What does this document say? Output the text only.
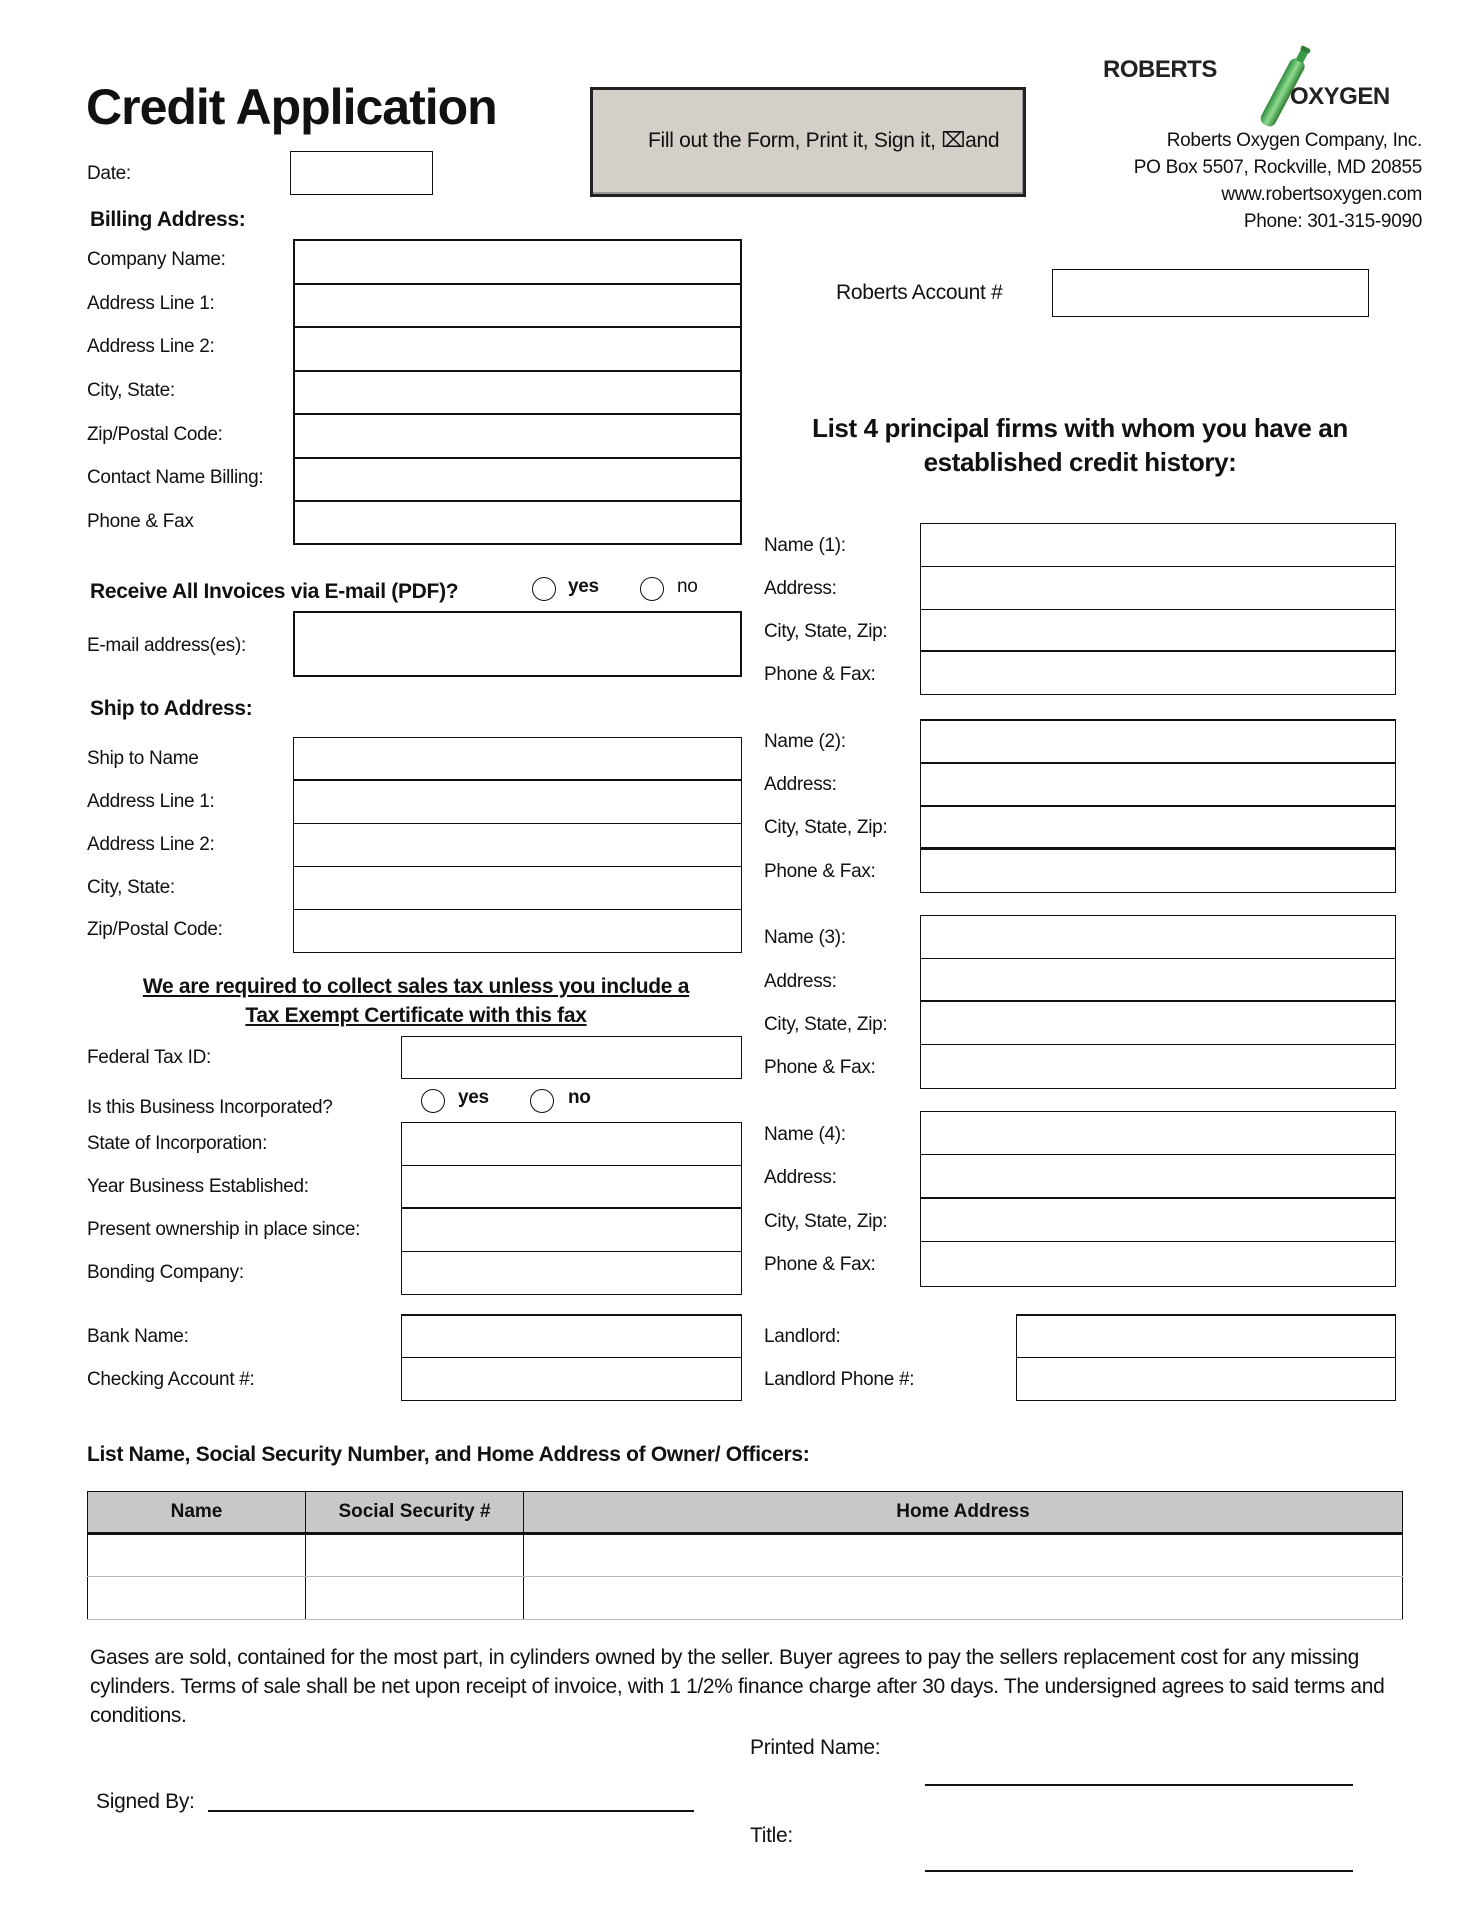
Credit Application
Fill out the Form, Print it, Sign it, ⌧and
Date:
ROBERTS
OXYGEN
Roberts Oxygen Company, Inc.
PO Box 5507, Rockville, MD 20855
www.robertsoxygen.com
Phone: 301-315-9090
Billing Address:
Company Name:
Address Line 1:
Address Line 2:
City, State:
Zip/Postal Code:
Contact Name Billing:
Phone & Fax
Roberts Account #
Receive All Invoices via E-mail (PDF)?	yes	no
E-mail address(es):
Ship to Address:
Ship to Name
Address Line 1:
Address Line 2:
City, State:
Zip/Postal Code:
We are required to collect sales tax unless you include a
Tax Exempt Certificate with this fax
Federal Tax ID:
Is this Business Incorporated?	yes	no
State of Incorporation:
Year Business Established:
Present ownership in place since:
Bonding Company:
Bank Name:
Checking Account #:
List 4 principal firms with whom you have an
established credit history:
Name (1):
Address:
City, State, Zip:
Phone & Fax:
Name (2):
Address:
City, State, Zip:
Phone & Fax:
Name (3):
Address:
City, State, Zip:
Phone & Fax:
Name (4):
Address:
City, State, Zip:
Phone & Fax:
Landlord:
Landlord Phone #:
List Name, Social Security Number, and Home Address of Owner/ Officers:
Name	Social Security #	Home Address

Gases are sold, contained for the most part, in cylinders owned by the seller. Buyer agrees to pay the sellers replacement cost for any missing cylinders. Terms of sale shall be net upon receipt of invoice, with 1 1/2% finance charge after 30 days. The undersigned agrees to said terms and conditions.
Printed Name:
Signed By:
Title:
